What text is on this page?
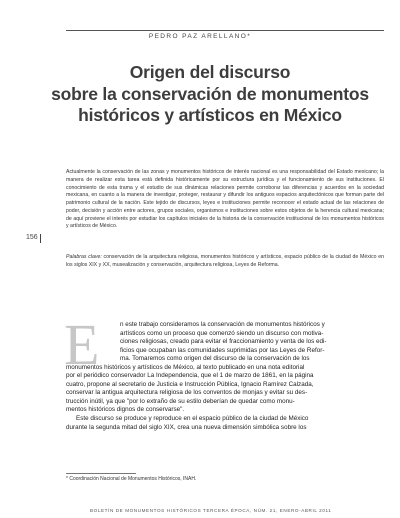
PEDRO PAZ ARELLANO*
Origen del discurso
sobre la conservación de monumentos
históricos y artísticos en México

Actualmente la conservación de las zonas y monumentos históricos de interés nacional es una responsabilidad del Estado mexicano; la manera de realizar esta tarea está definida históricamente por su estructura jurídica y el funcionamiento de sus instituciones. El conocimiento de esta trama y el estudio de sus dinámicas relaciones permite corroborar las diferencias y acuerdos en la sociedad mexicana, en cuanto a la manera de investigar, proteger, restaurar y difundir los antiguos espacios arquitectónicos que forman parte del patrimonio cultural de la nación. Este tejido de discursos, leyes e instituciones permite reconocer el estado actual de las relaciones de poder, decisión y acción entre actores, grupos sociales, organismos e instituciones sobre estos objetos de la herencia cultural mexicana; de aquí proviene el interés por estudiar los capítulos iniciales de la historia de la conservación institucional de los monumentos históricos y artísticos de México.

Palabras clave: conservación de la arquitectura religiosa, monumentos históricos y artísticos, espacio público de la ciudad de México en los siglos XIX y XX, musealización y conservación, arquitectura religiosa, Leyes de Reforma.

156
E	n este trabajo consideramos la conservación de monumentos históricos y
artísticos como un proceso que comenzó siendo un discurso con motiva-
ciones religiosas, creado para evitar el fraccionamiento y venta de los edi-
ficios que ocupaban las comunidades suprimidas por las Leyes de Refor-
ma. Tomaremos como origen del discurso de la conservación de los
monumentos históricos y artísticos de México, al texto publicado en una nota editorial
por el periódico conservador La Independencia, que el 1 de marzo de 1861, en la página
cuatro, propone al secretario de Justicia e Instrucción Pública, Ignacio Ramírez Calzada,
conservar la antigua arquitectura religiosa de los conventos de monjas y evitar su des-
trucción inútil, ya que "por lo extraño de su estilo deberían de quedar como monu-
mentos históricos dignos de conservarse".
Este discurso se produce y reproduce en el espacio público de la ciudad de México
durante la segunda mitad del siglo XIX, crea una nueva dimensión simbólica sobre los

* Coordinación Nacional de Monumentos Históricos, INAH.

BOLETÍN DE MONUMENTOS HISTÓRICOS TERCERA ÉPOCA, NÚM. 21, ENERO-ABRIL 2011
